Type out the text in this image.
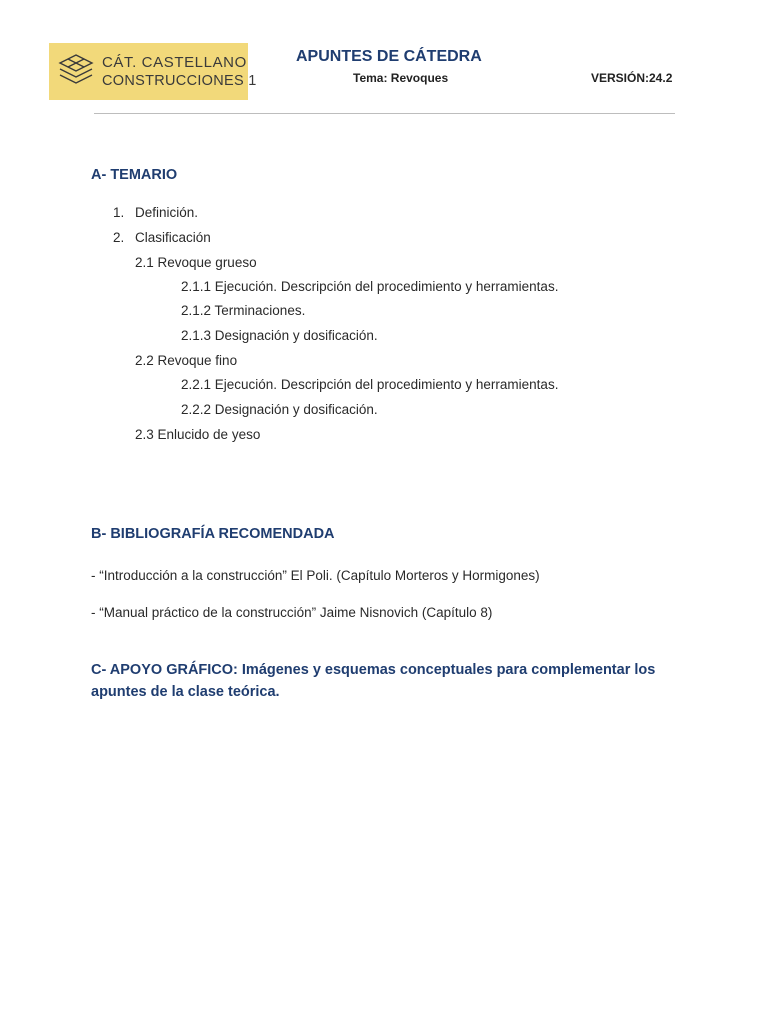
CÁT. CASTELLANO
CONSTRUCCIONES 1
APUNTES DE CÁTEDRA
Tema: Revoques	VERSIÓN:24.2
A- TEMARIO
1. Definición.
2. Clasificación
2.1 Revoque grueso
2.1.1 Ejecución. Descripción del procedimiento y herramientas.
2.1.2 Terminaciones.
2.1.3 Designación y dosificación.
2.2 Revoque fino
2.2.1 Ejecución. Descripción del procedimiento y herramientas.
2.2.2 Designación y dosificación.
2.3 Enlucido de yeso
B- BIBLIOGRAFÍA RECOMENDADA
- “Introducción a la construcción” El Poli. (Capítulo Morteros y Hormigones)
- “Manual práctico de la construcción” Jaime Nisnovich (Capítulo 8)
C- APOYO GRÁFICO: Imágenes y esquemas conceptuales para complementar los apuntes de la clase teórica.
